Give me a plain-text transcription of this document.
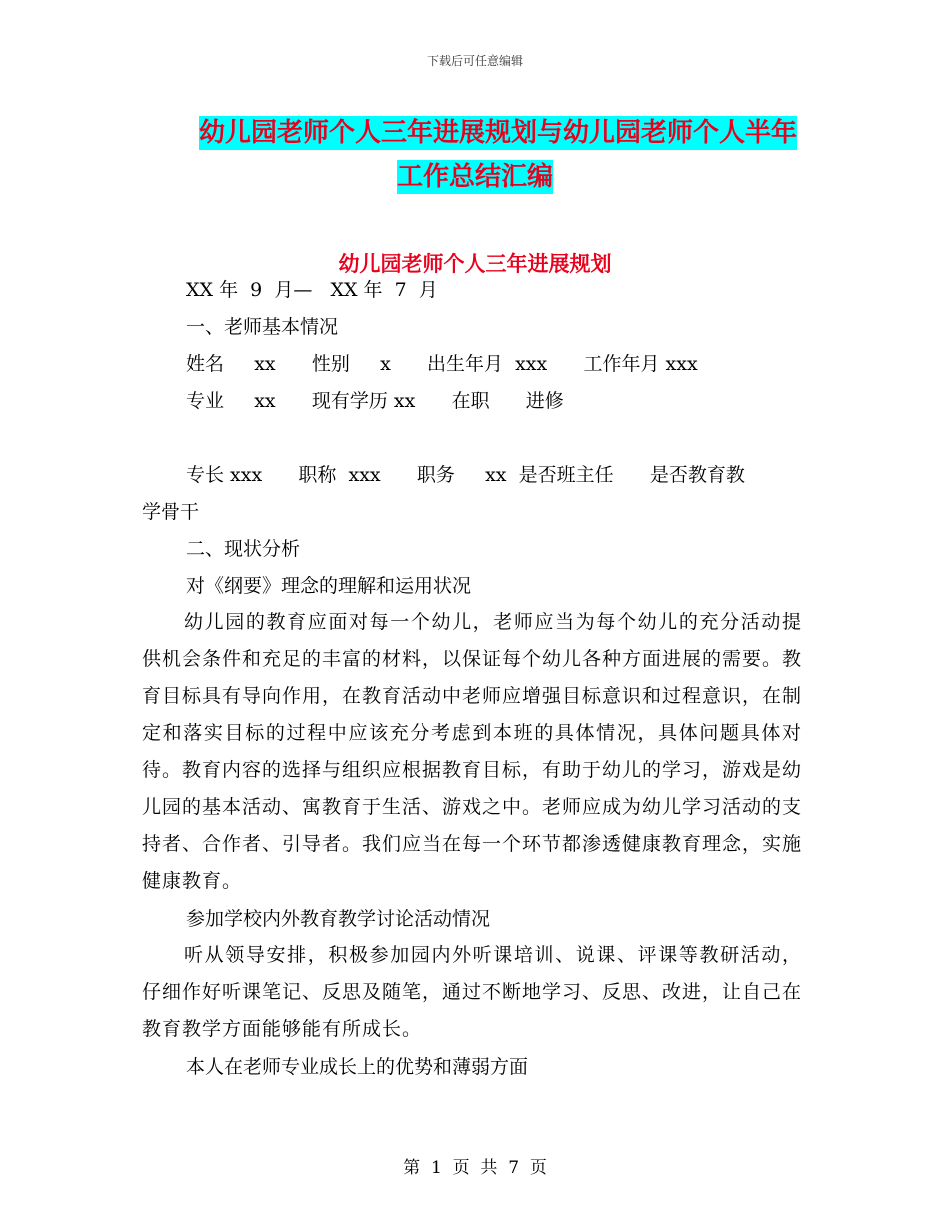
下载后可任意编辑
幼儿园老师个人三年进展规划与幼儿园老师个人半年
工作总结汇编
幼儿园老师个人三年进展规划
XX 年  9  月—   XX 年  7  月
一、老师基本情况
姓名     xx      性别     x      出生年月  xxx      工作年月 xxx
专业     xx      现有学历 xx      在职      进修
专长 xxx      职称  xxx      职务     xx  是否班主任      是否教育教
学骨干
二、现状分析
对《纲要》理念的理解和运用状况
幼儿园的教育应面对每一个幼儿，老师应当为每个幼儿的充分活动提供机会条件和充足的丰富的材料，以保证每个幼儿各种方面进展的需要。教育目标具有导向作用，在教育活动中老师应增强目标意识和过程意识，在制定和落实目标的过程中应该充分考虑到本班的具体情况，具体问题具体对待。教育内容的选择与组织应根据教育目标，有助于幼儿的学习，游戏是幼儿园的基本活动、寓教育于生活、游戏之中。老师应成为幼儿学习活动的支持者、合作者、引导者。我们应当在每一个环节都渗透健康教育理念，实施健康教育。
参加学校内外教育教学讨论活动情况
听从领导安排，积极参加园内外听课培训、说课、评课等教研活动，仔细作好听课笔记、反思及随笔，通过不断地学习、反思、改进，让自己在教育教学方面能够能有所成长。
本人在老师专业成长上的优势和薄弱方面
第  1  页  共  7  页
